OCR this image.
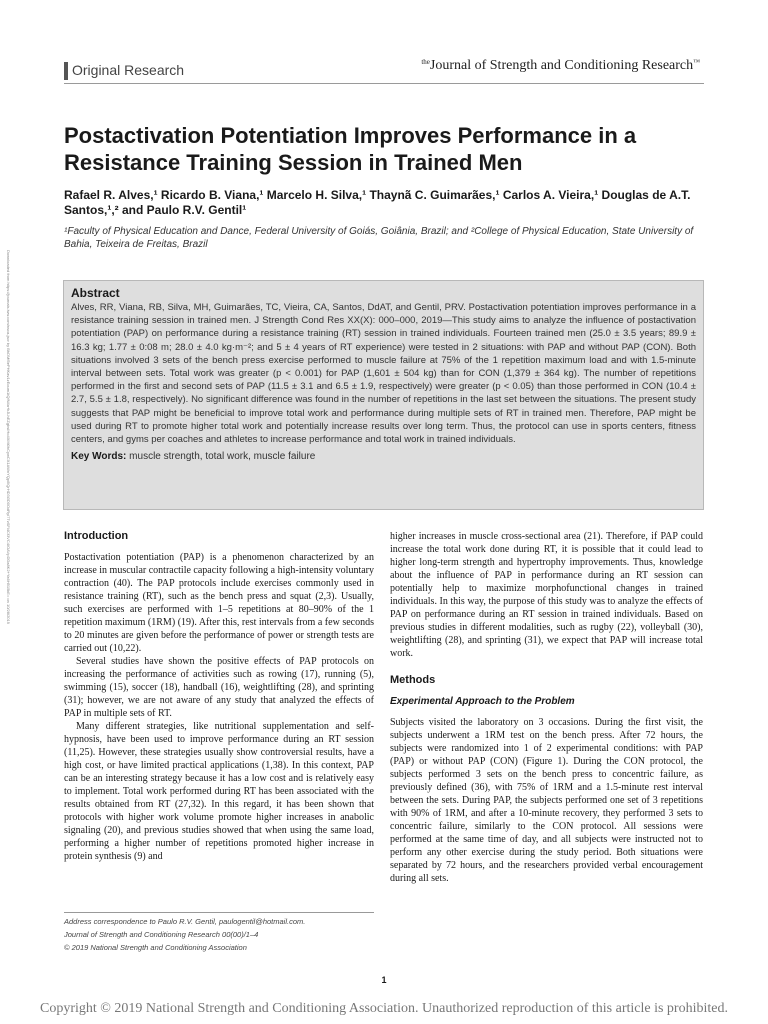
Original Research	$^{the}$Journal of Strength and Conditioning Research™
Downloaded from https://journals.lww.com/nsca-jscr by BhDMf5ePHKav1zEoum1tQfN4a+kJLhEZgbsIHo4XMi0hCywCX1AWnYQp/IlQrHD3i3D0OdRyi7TvSFl4Cf3VC4/OAVpDDa8K2+Ya6H515kE= on 10/28/2019
Postactivation Potentiation Improves Performance in a Resistance Training Session in Trained Men
Rafael R. Alves,¹ Ricardo B. Viana,¹ Marcelo H. Silva,¹ Thaynã C. Guimarães,¹ Carlos A. Vieira,¹ Douglas de A.T. Santos,¹,² and Paulo R.V. Gentil¹
¹Faculty of Physical Education and Dance, Federal University of Goiás, Goiânia, Brazil; and ²College of Physical Education, State University of Bahia, Teixeira de Freitas, Brazil
Abstract
Alves, RR, Viana, RB, Silva, MH, Guimarães, TC, Vieira, CA, Santos, DdAT, and Gentil, PRV. Postactivation potentiation improves performance in a resistance training session in trained men. J Strength Cond Res XX(X): 000–000, 2019—This study aims to analyze the influence of postactivation potentiation (PAP) on performance during a resistance training (RT) session in trained individuals. Fourteen trained men (25.0 ± 3.5 years; 89.9 ± 16.3 kg; 1.77 ± 0:08 m; 28.0 ± 4.0 kg·m⁻²; and 5 ± 4 years of RT experience) were tested in 2 situations: with PAP and without PAP (CON). Both situations involved 3 sets of the bench press exercise performed to muscle failure at 75% of the 1 repetition maximum load and with 1.5-minute interval between sets. Total work was greater (p < 0.001) for PAP (1,601 ± 504 kg) than for CON (1,379 ± 364 kg). The number of repetitions performed in the first and second sets of PAP (11.5 ± 3.1 and 6.5 ± 1.9, respectively) were greater (p < 0.05) than those performed in CON (10.4 ± 2.7, 5.5 ± 1.8, respectively). No significant difference was found in the number of repetitions in the last set between the situations. The present study suggests that PAP might be beneficial to improve total work and performance during multiple sets of RT in trained men. Therefore, PAP might be used during RT to promote higher total work and potentially increase results over long term. Thus, the protocol can use in sports centers, fitness centers, and gyms per coaches and athletes to increase performance and total work in trained individuals.
Key Words: muscle strength, total work, muscle failure
Introduction

Postactivation potentiation (PAP) is a phenomenon characterized by an increase in muscular contractile capacity following a high-intensity voluntary contraction (40). The PAP protocols include exercises commonly used in resistance training (RT), such as the bench press and squat (2,3). Usually, such exercises are performed with 1–5 repetitions at 80–90% of the 1 repetition maximum (1RM) (19). After this, rest intervals from a few seconds to 20 minutes are given before the performance of power or strength tests are carried out (10,22).

Several studies have shown the positive effects of PAP protocols on increasing the performance of activities such as rowing (17), running (5), swimming (15), soccer (18), handball (16), weightlifting (28), and sprinting (31); however, we are not aware of any study that analyzed the effects of PAP in multiple sets of RT.

Many different strategies, like nutritional supplementation and self-hypnosis, have been used to improve performance during an RT session (11,25). However, these strategies usually show controversial results, have a high cost, or have limited practical applications (1,38). In this context, PAP can be an interesting strategy because it has a low cost and is relatively easy to implement. Total work performed during RT has been associated with the results obtained from RT (27,32). In this regard, it has been shown that protocols with higher work volume promote higher increases in anabolic signaling (20), and previous studies showed that when using the same load, performing a higher number of repetitions promoted higher increase in protein synthesis (9) and

higher increases in muscle cross-sectional area (21). Therefore, if PAP could increase the total work done during RT, it is possible that it could lead to higher long-term strength and hypertrophy improvements. Thus, knowledge about the influence of PAP in performance during an RT session can potentially help to maximize morphofunctional changes in trained individuals. In this way, the purpose of this study was to analyze the effects of PAP on performance during an RT session in trained individuals. Based on previous studies in different modalities, such as rugby (22), volleyball (30), weightlifting (28), and sprinting (31), we expect that PAP will increase total work.

Methods
Experimental Approach to the Problem

Subjects visited the laboratory on 3 occasions. During the first visit, the subjects underwent a 1RM test on the bench press. After 72 hours, the subjects were randomized into 1 of 2 experimental conditions: with PAP (PAP) or without PAP (CON) (Figure 1). During the CON protocol, the subjects performed 3 sets on the bench press to concentric failure, as previously defined (36), with 75% of 1RM and a 1.5-minute rest interval between the sets. During PAP, the subjects performed one set of 3 repetitions with 90% of 1RM, and after a 10-minute recovery, they performed 3 sets to concentric failure, similarly to the CON protocol. All sessions were performed at the same time of day, and all subjects were instructed not to perform any other exercise during the study period. Both situations were separated by 72 hours, and the researchers provided verbal encouragement during all sets.

Address correspondence to Paulo R.V. Gentil, paulogentil@hotmail.com.
Journal of Strength and Conditioning Research 00(00)/1–4
© 2019 National Strength and Conditioning Association
1
Copyright © 2019 National Strength and Conditioning Association. Unauthorized reproduction of this article is prohibited.
